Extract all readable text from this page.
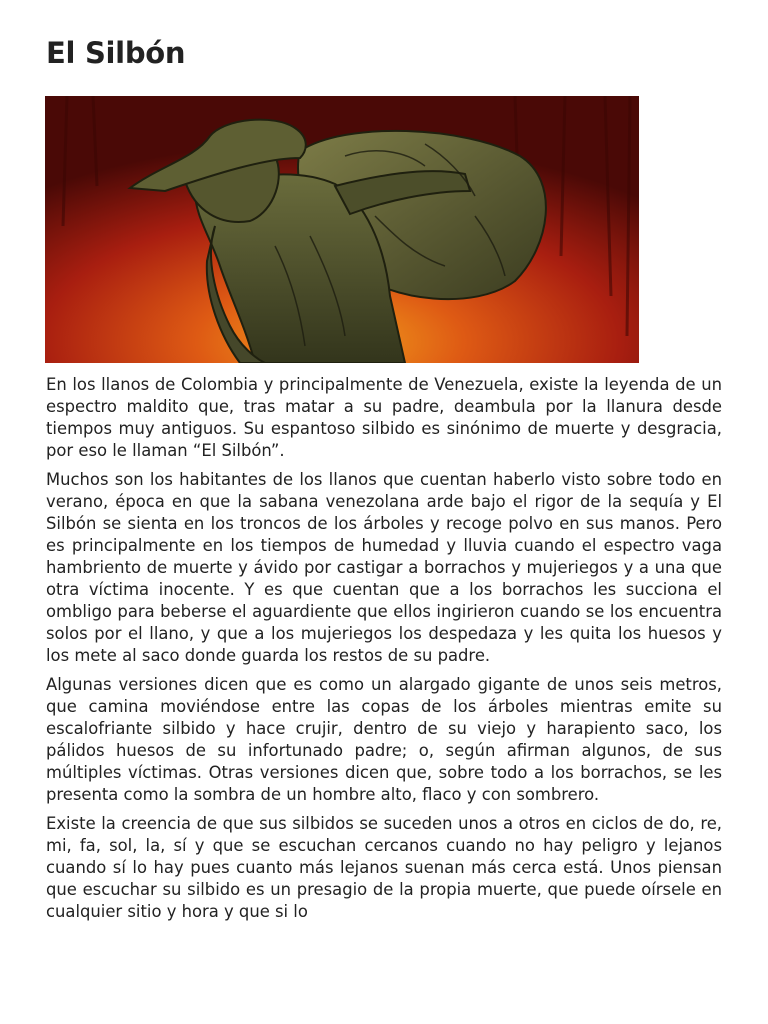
El Silbón

En los llanos de Colombia y principalmente de Venezuela, existe la leyenda de un espectro maldito que, tras matar a su padre, deambula por la llanura desde tiempos muy antiguos. Su espantoso silbido es sinónimo de muerte y desgracia, por eso le llaman “El Silbón”.

Muchos son los habitantes de los llanos que cuentan haberlo visto sobre todo en verano, época en que la sabana venezolana arde bajo el rigor de la sequía y El Silbón se sienta en los troncos de los árboles y recoge polvo en sus manos. Pero es principalmente en los tiempos de humedad y lluvia cuando el espectro vaga hambriento de muerte y ávido por castigar a borrachos y mujeriegos y a una que otra víctima inocente. Y es que cuentan que a los borrachos les succiona el ombligo para beberse el aguardiente que ellos ingirieron cuando se los encuentra solos por el llano, y que a los mujeriegos los despedaza y les quita los huesos y los mete al saco donde guarda los restos de su padre.

Algunas versiones dicen que es como un alargado gigante de unos seis metros, que camina moviéndose entre las copas de los árboles mientras emite su escalofriante silbido y hace crujir, dentro de su viejo y harapiento saco, los pálidos huesos de su infortunado padre; o, según afirman algunos, de sus múltiples víctimas. Otras versiones dicen que, sobre todo a los borrachos, se les presenta como la sombra de un hombre alto, flaco y con sombrero.

Existe la creencia de que sus silbidos se suceden unos a otros en ciclos de do, re, mi, fa, sol, la, sí y que se escuchan cercanos cuando no hay peligro y lejanos cuando sí lo hay pues cuanto más lejanos suenan más cerca está. Unos piensan que escuchar su silbido es un presagio de la propia muerte, que puede oírsele en cualquier sitio y hora y que si lo
